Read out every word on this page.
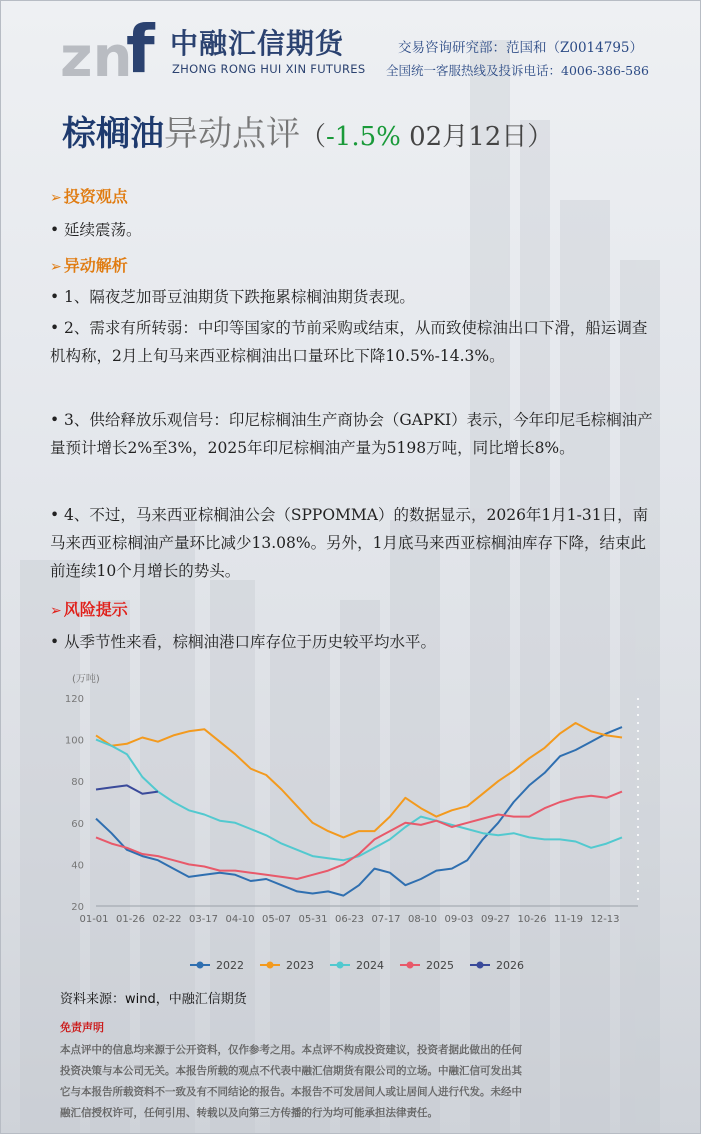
zn
f 中融汇信期货
ZHONG RONG HUI XIN FUTURES
交易咨询研究部：范国和（Z0014795）
全国统一客服热线及投诉电话：4006-386-586
棕榈油异动点评（-1.5% 02月12日）
➢ 投资观点
• 延续震荡。
➢ 异动解析
• 1、隔夜芝加哥豆油期货下跌拖累棕榈油期货表现。
• 2、需求有所转弱：中印等国家的节前采购或结束，从而致使棕油出口下滑，船运调查机构称，2月上旬马来西亚棕榈油出口量环比下降10.5%-14.3%。
• 3、供给释放乐观信号：印尼棕榈油生产商协会（GAPKI）表示，今年印尼毛棕榈油产量预计增长2%至3%，2025年印尼棕榈油产量为5198万吨，同比增长8%。
• 4、不过，马来西亚棕榈油公会（SPPOMMA）的数据显示，2026年1月1-31日，南马来西亚棕榈油产量环比减少13.08%。另外，1月底马来西亚棕榈油库存下降，结束此前连续10个月增长的势头。
➢ 风险提示
• 从季节性来看，棕榈油港口库存位于历史较平均水平。
(万吨)
20
40
60
80
100
120
01-01 01-26 02-22 03-17 04-10 05-07 05-31 06-23 07-17 08-10 09-03 09-27 10-26 11-19 12-13
2022	2023	2024	2025	2026
资料来源：wind，中融汇信期货
免责声明
本点评中的信息均来源于公开资料，仅作参考之用。本点评不构成投资建议，投资者据此做出的任何
投资决策与本公司无关。本报告所载的观点不代表中融汇信期货有限公司的立场。中融汇信可发出其
它与本报告所载资料不一致及有不同结论的报告。本报告不可发居间人或让居间人进行代发。未经中
融汇信授权许可，任何引用、转载以及向第三方传播的行为均可能承担法律责任。
